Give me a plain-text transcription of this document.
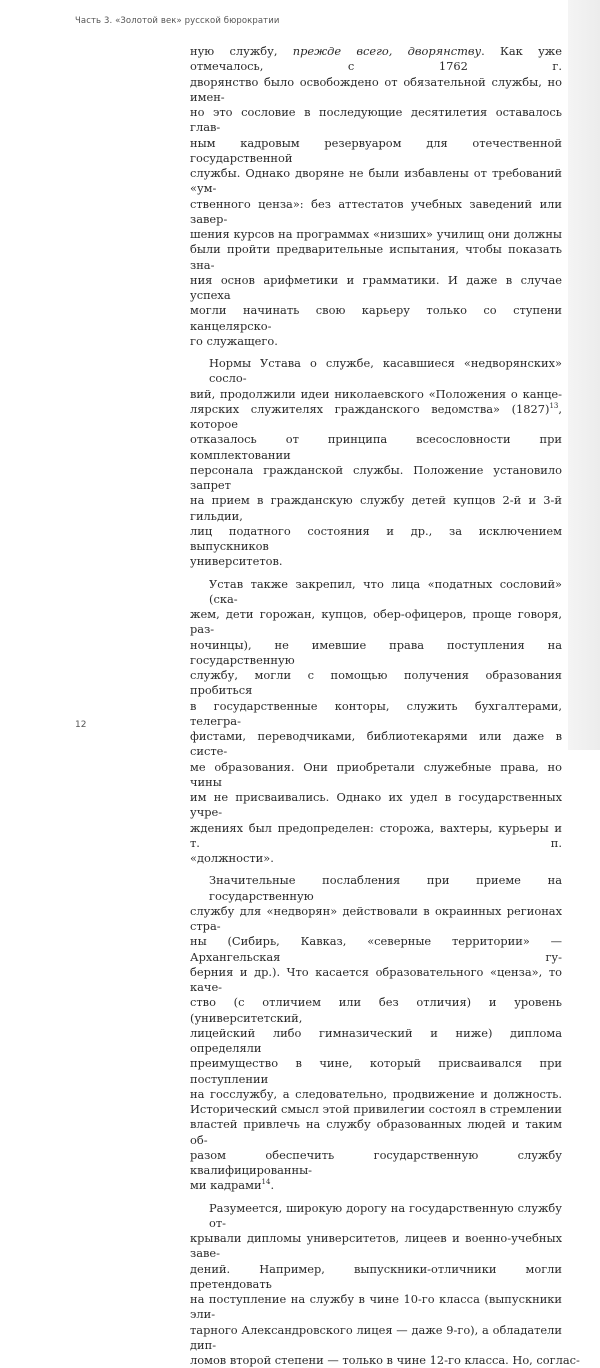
Часть 3. «Золотой век» русской бюрократии
ную службу, прежде всего, дворянству. Как уже отмечалось, с 1762 г.
дворянство было освобождено от обязательной службы, но имен-
но это сословие в последующие десятилетия оставалось глав-
ным кадровым резервуаром для отечественной государственной
службы. Однако дворяне не были избавлены от требований «ум-
ственного ценза»: без аттестатов учебных заведений или завер-
шения курсов на программах «низших» училищ они должны
были пройти предварительные испытания, чтобы показать зна-
ния основ арифметики и грамматики. И даже в случае успеха
могли начинать свою карьеру только со ступени канцелярско-
го служащего.
Нормы Устава о службе, касавшиеся «недворянских» сосло-
вий, продолжили идеи николаевского «Положения о канце-
лярских служителях гражданского ведомства» $(1827)^{13}$, которое
отказалось от принципа всесословности при комплектовании
персонала гражданской службы. Положение установило запрет
на прием в гражданскую службу детей купцов 2-й и 3-й гильдии,
лиц податного состояния и др., за исключением выпускников
университетов.
Устав также закрепил, что лица «податных сословий» (ска-
жем, дети горожан, купцов, обер-офицеров, проще говоря, раз-
ночинцы), не имевшие права поступления на государственную
службу, могли с помощью получения образования пробиться
в государственные конторы, служить бухгалтерами, телегра-
фистами, переводчиками, библиотекарями или даже в систе-
ме образования. Они приобретали служебные права, но чины
им не присваивались. Однако их удел в государственных учре-
ждениях был предопределен: сторожа, вахтеры, курьеры и т. п.
«должности».
Значительные послабления при приеме на государственную
службу для «недворян» действовали в окраинных регионах стра-
ны (Сибирь, Кавказ, «северные территории» — Архангельская гу-
берния и др.). Что касается образовательного «ценза», то каче-
ство (с отличием или без отличия) и уровень (университетский,
лицейский либо гимназический и ниже) диплома определяли
преимущество в чине, который присваивался при поступлении
на госслужбу, а следовательно, продвижение и должность.
Исторический смысл этой привилегии состоял в стремлении
властей привлечь на службу образованных людей и таким об-
разом обеспечить государственную службу квалифицированны-
ми кадрами$^{14}$.
Разумеется, широкую дорогу на государственную службу от-
крывали дипломы университетов, лицеев и военно-учебных заве-
дений. Например, выпускники-отличники могли претендовать
на поступление на службу в чине 10-го класса (выпускники эли-
тарного Александровского лицея — даже 9-го), а обладатели дип-
ломов второй степени — только в чине 12-го класса. Но, соглас-
12
